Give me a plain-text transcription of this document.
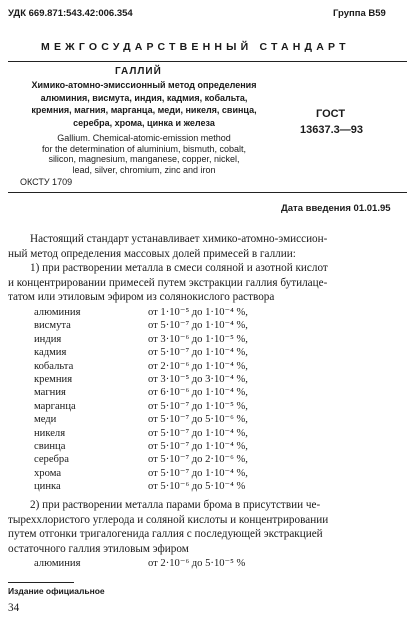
УДК 669.871:543.42:006.354	Группа В59
МЕЖГОСУДАРСТВЕННЫЙ СТАНДАРТ
ГАЛЛИЙ
Химико-атомно-эмиссионный метод определения
алюминия, висмута, индия, кадмия, кобальта,
кремния, магния, марганца, меди, никеля, свинца,
серебра, хрома, цинка и железа
Gallium. Chemical-atomic-emission method
for the determination of aluminium, bismuth, cobalt,
silicon, magnesium, manganese, copper, nickel,
lead, silver, chromium, zinc and iron
ОКСТУ 1709
ГОСТ
13637.3—93
Дата введения 01.01.95
Настоящий стандарт устанавливает химико-атомно-эмиссион-
ный метод определения массовых долей примесей в галлии:
1) при растворении металла в смеси соляной и азотной кислот
и концентрировании примесей путем экстракции галлия бутилаце-
татом или этиловым эфиром из солянокислого раствора
алюминия
висмута
индия
кадмия
кобальта
кремния
магния
марганца
меди
никеля
свинца
серебра
хрома
цинка
от 1·10⁻⁵ до 1·10⁻⁴ %,
от 5·10⁻⁷ до 1·10⁻⁴ %,
от 3·10⁻⁶ до 1·10⁻⁵ %,
от 5·10⁻⁷ до 1·10⁻⁴ %,
от 2·10⁻⁶ до 1·10⁻⁴ %,
от 3·10⁻⁵ до 3·10⁻⁴ %,
от 6·10⁻⁶ до 1·10⁻⁴ %,
от 5·10⁻⁷ до 1·10⁻⁵ %,
от 5·10⁻⁷ до 5·10⁻⁶ %,
от 5·10⁻⁷ до 1·10⁻⁴ %,
от 5·10⁻⁷ до 1·10⁻⁴ %,
от 5·10⁻⁷ до 2·10⁻⁶ %,
от 5·10⁻⁷ до 1·10⁻⁴ %,
от 5·10⁻⁶ до 5·10⁻⁴ %
2) при растворении металла парами брома в присутствии че-
тыреххлористого углерода и соляной кислоты и концентрировании
путем отгонки тригалогенида галлия с последующей экстракцией
остаточного галлия этиловым эфиром
алюминия	от 2·10⁻⁶ до 5·10⁻⁵ %
Издание официальное
34
